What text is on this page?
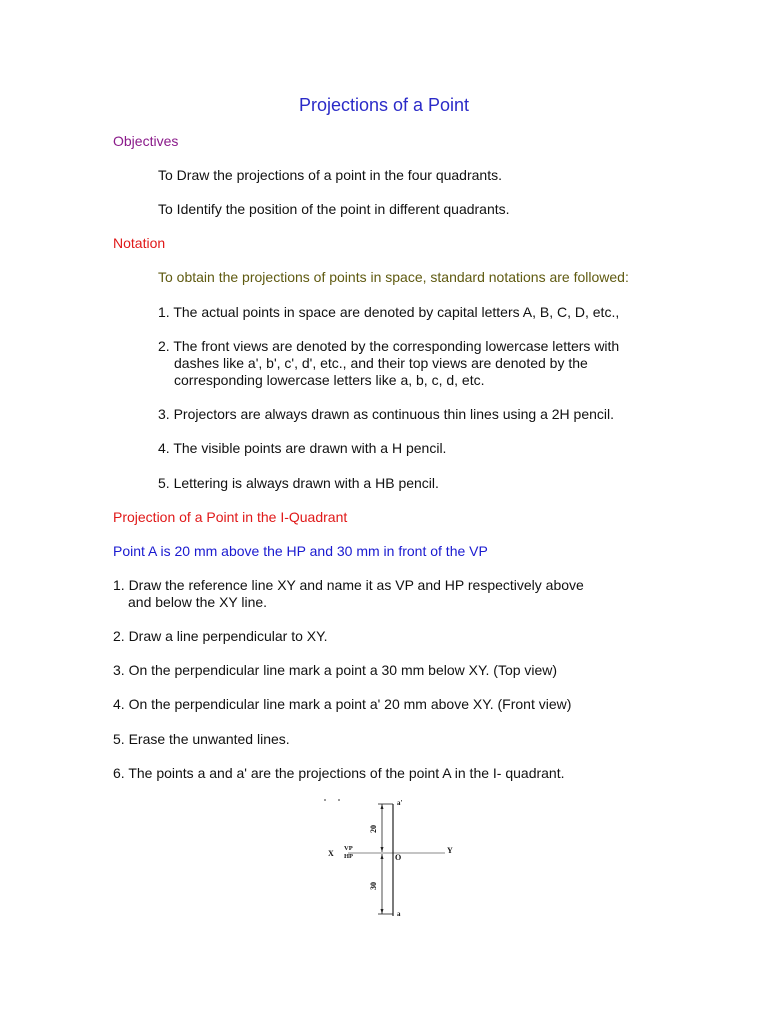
Projections of a Point
Objectives
To Draw the projections of a point in the four quadrants.
To Identify the position of the point in different quadrants.
Notation
To obtain the projections of points in space, standard notations are followed:
1. The actual points in space are denoted by capital letters A, B, C, D, etc.,
2. The front views are denoted by the corresponding lowercase letters with
dashes like a', b', c', d', etc., and their top views are denoted by the
corresponding lowercase letters like a, b, c, d, etc.
3. Projectors are always drawn as continuous thin lines using a 2H pencil.
4. The visible points are drawn with a H pencil.
5. Lettering is always drawn with a HB pencil.
Projection of a Point in the I-Quadrant
Point A is 20 mm above the HP and 30 mm in front of the VP
1. Draw the reference line XY and name it as VP and HP respectively above
and below the XY line.
2. Draw a line perpendicular to XY.
3. On the perpendicular line mark a point a 30 mm below XY. (Top view)
4. On the perpendicular line mark a point a' 20 mm above XY. (Front view)
5. Erase the unwanted lines.
6. The points a and a' are the projections of the point A in the I- quadrant.
20
30
X	Y
VP
HP	O
a'
a
